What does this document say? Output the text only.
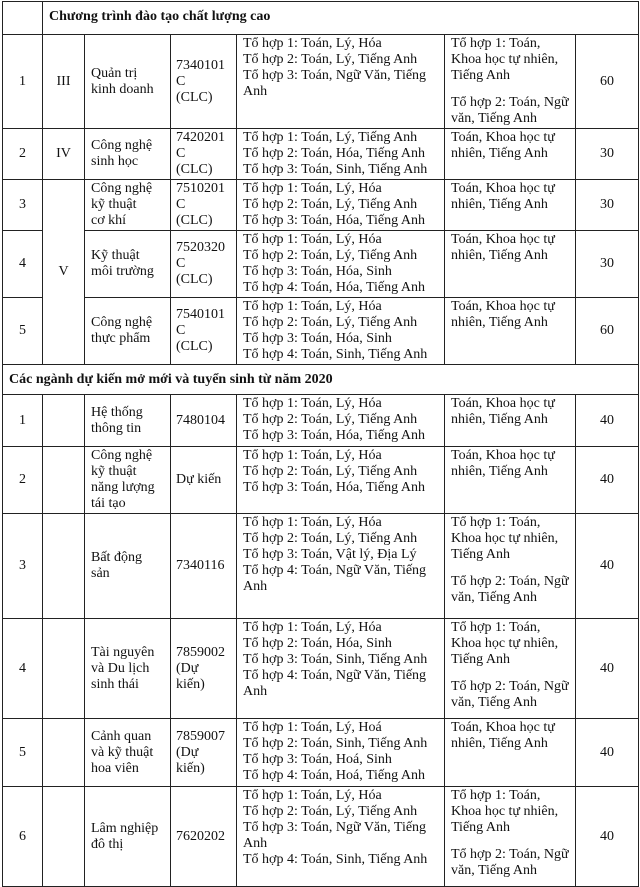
	Chương trình đào tạo chất lượng cao					
1	III	Quản trị
kinh doanh	7340101
C
(CLC)	Tổ hợp 1: Toán, Lý, Hóa
Tổ hợp 2: Toán, Lý, Tiếng Anh
Tổ hợp 3: Toán, Ngữ Văn, Tiếng
Anh	Tổ hợp 1: Toán,
Khoa học tự nhiên,
Tiếng Anh
Tổ hợp 2: Toán, Ngữ
văn, Tiếng Anh	60
2	IV	Công nghệ
sinh học	7420201
C
(CLC)	Tổ hợp 1: Toán, Lý, Tiếng Anh
Tổ hợp 2: Toán, Hóa, Tiếng Anh
Tổ hợp 3: Toán, Sinh, Tiếng Anh	Toán, Khoa học tự
nhiên, Tiếng Anh	30
3	V	Công nghệ
kỹ thuật
cơ khí	7510201
C
(CLC)	Tổ hợp 1: Toán, Lý, Hóa
Tổ hợp 2: Toán, Lý, Tiếng Anh
Tổ hợp 3: Toán, Hóa, Tiếng Anh	Toán, Khoa học tự
nhiên, Tiếng Anh	30
4		Kỹ thuật
môi trường	7520320
C
(CLC)	Tổ hợp 1: Toán, Lý, Hóa
Tổ hợp 2: Toán, Lý, Tiếng Anh
Tổ hợp 3: Toán, Hóa, Sinh
Tổ hợp 4: Toán, Hóa, Tiếng Anh	Toán, Khoa học tự
nhiên, Tiếng Anh	30
5		Công nghệ
thực phẩm	7540101
C
(CLC)	Tổ hợp 1: Toán, Lý, Hóa
Tổ hợp 2: Toán, Lý, Tiếng Anh
Tổ hợp 3: Toán, Hóa, Sinh
Tổ hợp 4: Toán, Sinh, Tiếng Anh	Toán, Khoa học tự
nhiên, Tiếng Anh	60
Các ngành dự kiến mở mới và tuyển sinh từ năm 2020						
1		Hệ thống
thông tin	7480104	Tổ hợp 1: Toán, Lý, Hóa
Tổ hợp 2: Toán, Lý, Tiếng Anh
Tổ hợp 3: Toán, Hóa, Tiếng Anh	Toán, Khoa học tự
nhiên, Tiếng Anh	40
2		Công nghệ
kỹ thuật
năng lượng
tái tạo	Dự kiến	Tổ hợp 1: Toán, Lý, Hóa
Tổ hợp 2: Toán, Lý, Tiếng Anh
Tổ hợp 3: Toán, Hóa, Tiếng Anh	Toán, Khoa học tự
nhiên, Tiếng Anh	40
3		Bất động
sản	7340116	Tổ hợp 1: Toán, Lý, Hóa
Tổ hợp 2: Toán, Lý, Tiếng Anh
Tổ hợp 3: Toán, Vật lý, Địa Lý
Tổ hợp 4: Toán, Ngữ Văn, Tiếng
Anh	Tổ hợp 1: Toán,
Khoa học tự nhiên,
Tiếng Anh
Tổ hợp 2: Toán, Ngữ
văn, Tiếng Anh	40
4		Tài nguyên
và Du lịch
sinh thái	7859002
(Dự
kiến)	Tổ hợp 1: Toán, Lý, Hóa
Tổ hợp 2: Toán, Hóa, Sinh
Tổ hợp 3: Toán, Sinh, Tiếng Anh
Tổ hợp 4: Toán, Ngữ Văn, Tiếng
Anh	Tổ hợp 1: Toán,
Khoa học tự nhiên,
Tiếng Anh
Tổ hợp 2: Toán, Ngữ
văn, Tiếng Anh	40
5		Cảnh quan
và kỹ thuật
hoa viên	7859007
(Dự
kiến)	Tổ hợp 1: Toán, Lý, Hoá
Tổ hợp 2: Toán, Sinh, Tiếng Anh
Tổ hợp 3: Toán, Hoá, Sinh
Tổ hợp 4: Toán, Hoá, Tiếng Anh	Toán, Khoa học tự
nhiên, Tiếng Anh	40
6		Lâm nghiệp
đô thị	7620202	Tổ hợp 1: Toán, Lý, Hóa
Tổ hợp 2: Toán, Lý, Tiếng Anh
Tổ hợp 3: Toán, Ngữ Văn, Tiếng
Anh
Tổ hợp 4: Toán, Sinh, Tiếng Anh	Tổ hợp 1: Toán,
Khoa học tự nhiên,
Tiếng Anh
Tổ hợp 2: Toán, Ngữ
văn, Tiếng Anh	40
